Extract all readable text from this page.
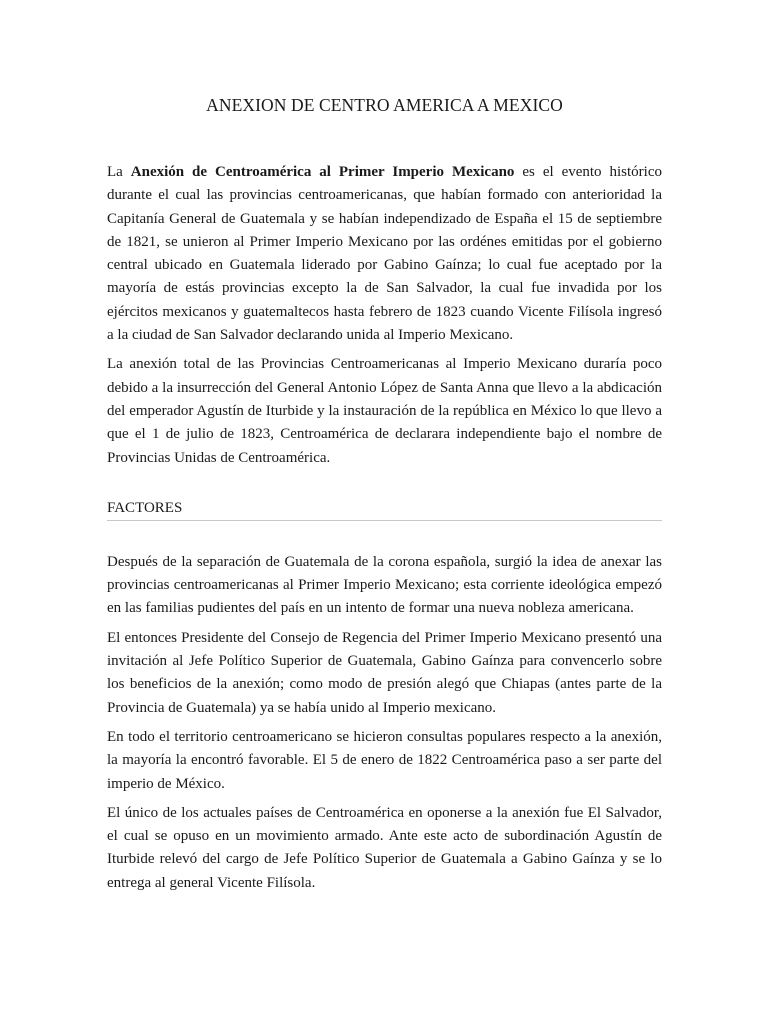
ANEXION DE CENTRO AMERICA A MEXICO

La Anexión de Centroamérica al Primer Imperio Mexicano es el evento histórico durante el cual las provincias centroamericanas, que habían formado con anterioridad la Capitanía General de Guatemala y se habían independizado de España el 15 de septiembre de 1821, se unieron al Primer Imperio Mexicano por las ordénes emitidas por el gobierno central ubicado en Guatemala liderado por Gabino Gaínza; lo cual fue aceptado por la mayoría de estás provincias excepto la de San Salvador, la cual fue invadida por los ejércitos mexicanos y guatemaltecos hasta febrero de 1823 cuando Vicente Filísola ingresó a la ciudad de San Salvador declarando unida al Imperio Mexicano.

La anexión total de las Provincias Centroamericanas al Imperio Mexicano duraría poco debido a la insurrección del General Antonio López de Santa Anna que llevo a la abdicación del emperador Agustín de Iturbide y la instauración de la república en México lo que llevo a que el 1 de julio de 1823, Centroamérica de declarara independiente bajo el nombre de Provincias Unidas de Centroamérica.

FACTORES

Después de la separación de Guatemala de la corona española, surgió la idea de anexar las provincias centroamericanas al Primer Imperio Mexicano; esta corriente ideológica empezó en las familias pudientes del país en un intento de formar una nueva nobleza americana.

El entonces Presidente del Consejo de Regencia del Primer Imperio Mexicano presentó una invitación al Jefe Político Superior de Guatemala, Gabino Gaínza para convencerlo sobre los beneficios de la anexión; como modo de presión alegó que Chiapas (antes parte de la Provincia de Guatemala) ya se había unido al Imperio mexicano.

En todo el territorio centroamericano se hicieron consultas populares respecto a la anexión, la mayoría la encontró favorable. El 5 de enero de 1822 Centroamérica paso a ser parte del imperio de México.

El único de los actuales países de Centroamérica en oponerse a la anexión fue El Salvador, el cual se opuso en un movimiento armado. Ante este acto de subordinación Agustín de Iturbide relevó del cargo de Jefe Político Superior de Guatemala a Gabino Gaínza y se lo entrega al general Vicente Filísola.
